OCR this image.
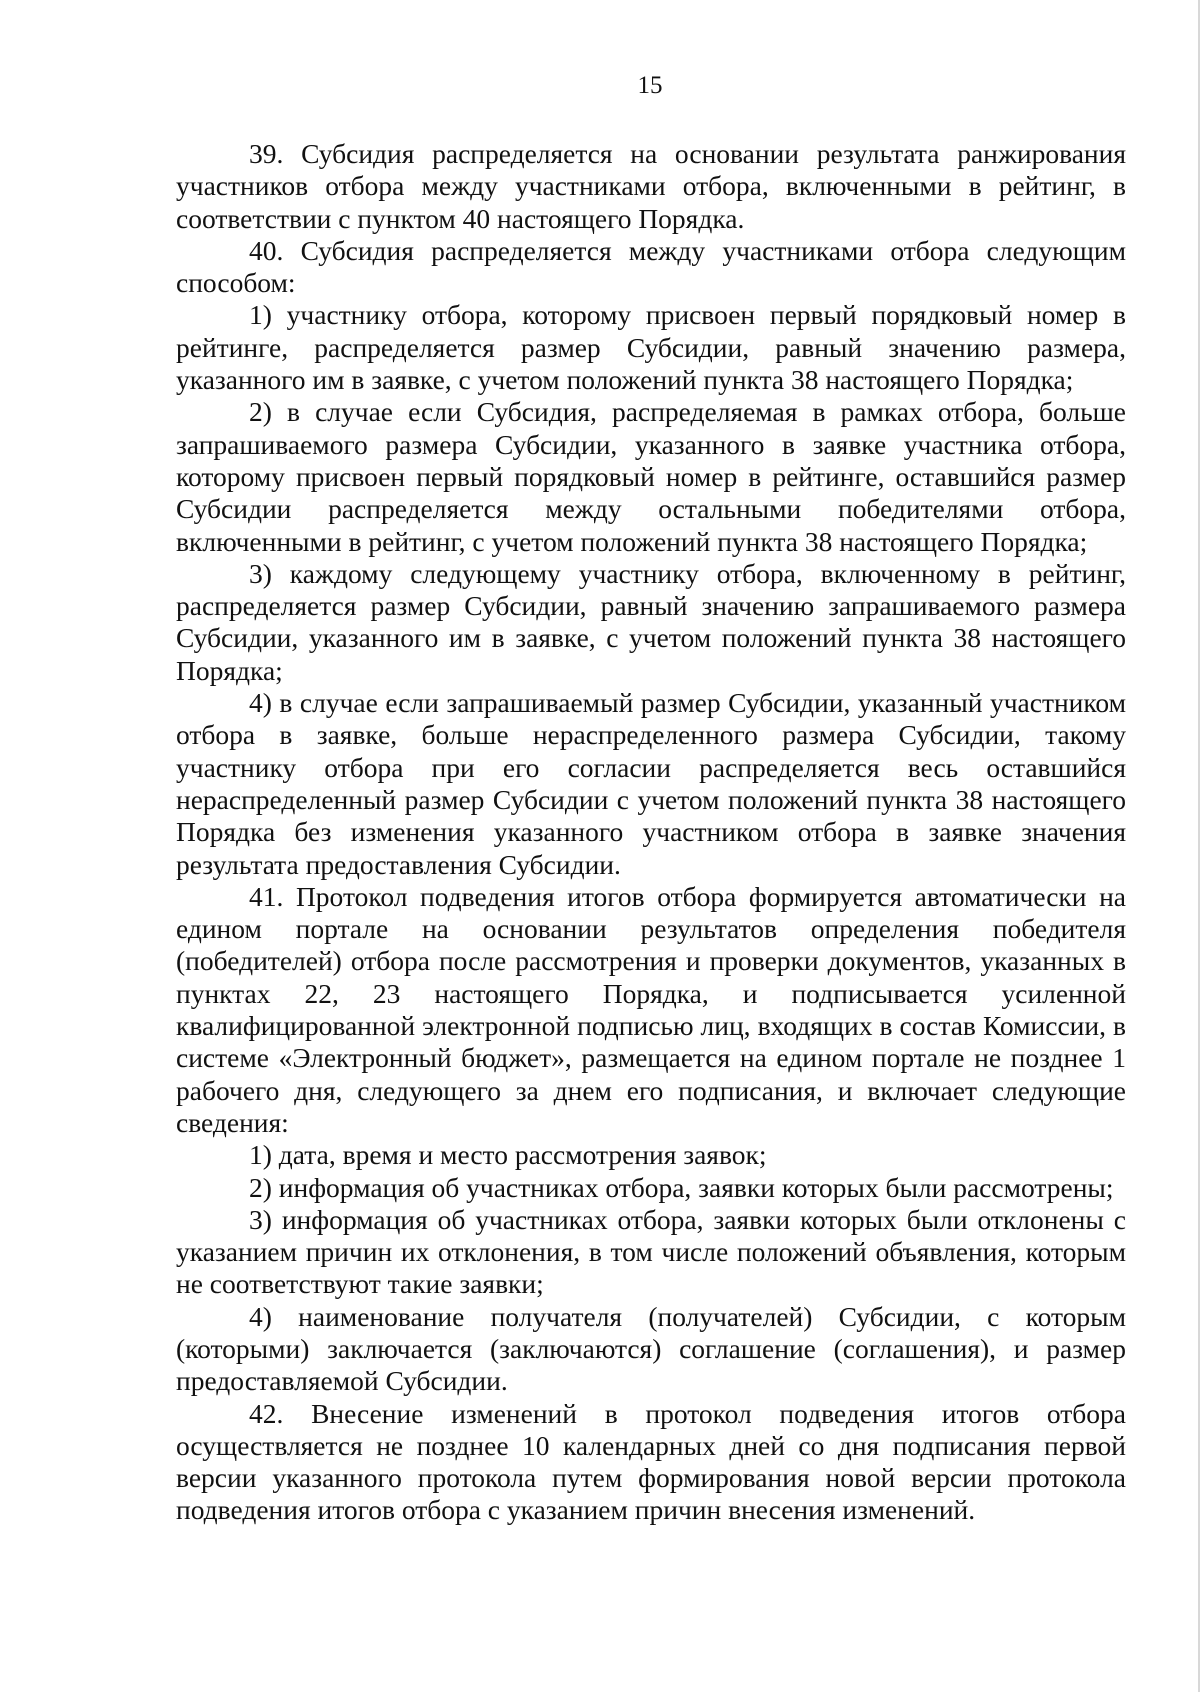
15

39. Субсидия распределяется на основании результата ранжирования участников отбора между участниками отбора, включенными в рейтинг, в соответствии с пунктом 40 настоящего Порядка.

40. Субсидия распределяется между участниками отбора следующим способом:

1) участнику отбора, которому присвоен первый порядковый номер в рейтинге, распределяется размер Субсидии, равный значению размера, указанного им в заявке, с учетом положений пункта 38 настоящего Порядка;

2) в случае если Субсидия, распределяемая в рамках отбора, больше запрашиваемого размера Субсидии, указанного в заявке участника отбора, которому присвоен первый порядковый номер в рейтинге, оставшийся размер Субсидии распределяется между остальными победителями отбора, включенными в рейтинг, с учетом положений пункта 38 настоящего Порядка;

3) каждому следующему участнику отбора, включенному в рейтинг, распределяется размер Субсидии, равный значению запрашиваемого размера Субсидии, указанного им в заявке, с учетом положений пункта 38 настоящего Порядка;

4) в случае если запрашиваемый размер Субсидии, указанный участником отбора в заявке, больше нераспределенного размера Субсидии, такому участнику отбора при его согласии распределяется весь оставшийся нераспределенный размер Субсидии с учетом положений пункта 38 настоящего Порядка без изменения указанного участником отбора в заявке значения результата предоставления Субсидии.

41. Протокол подведения итогов отбора формируется автоматически на едином портале на основании результатов определения победителя (победителей) отбора после рассмотрения и проверки документов, указанных в пунктах 22, 23 настоящего Порядка, и подписывается усиленной квалифицированной электронной подписью лиц, входящих в состав Комиссии, в системе «Электронный бюджет», размещается на едином портале не позднее 1 рабочего дня, следующего за днем его подписания, и включает следующие сведения:

1) дата, время и место рассмотрения заявок;

2) информация об участниках отбора, заявки которых были рассмотрены;

3) информация об участниках отбора, заявки которых были отклонены с указанием причин их отклонения, в том числе положений объявления, которым не соответствуют такие заявки;

4) наименование получателя (получателей) Субсидии, с которым (которыми) заключается (заключаются) соглашение (соглашения), и размер предоставляемой Субсидии.

42. Внесение изменений в протокол подведения итогов отбора осуществляется не позднее 10 календарных дней со дня подписания первой версии указанного протокола путем формирования новой версии протокола подведения итогов отбора с указанием причин внесения изменений.
